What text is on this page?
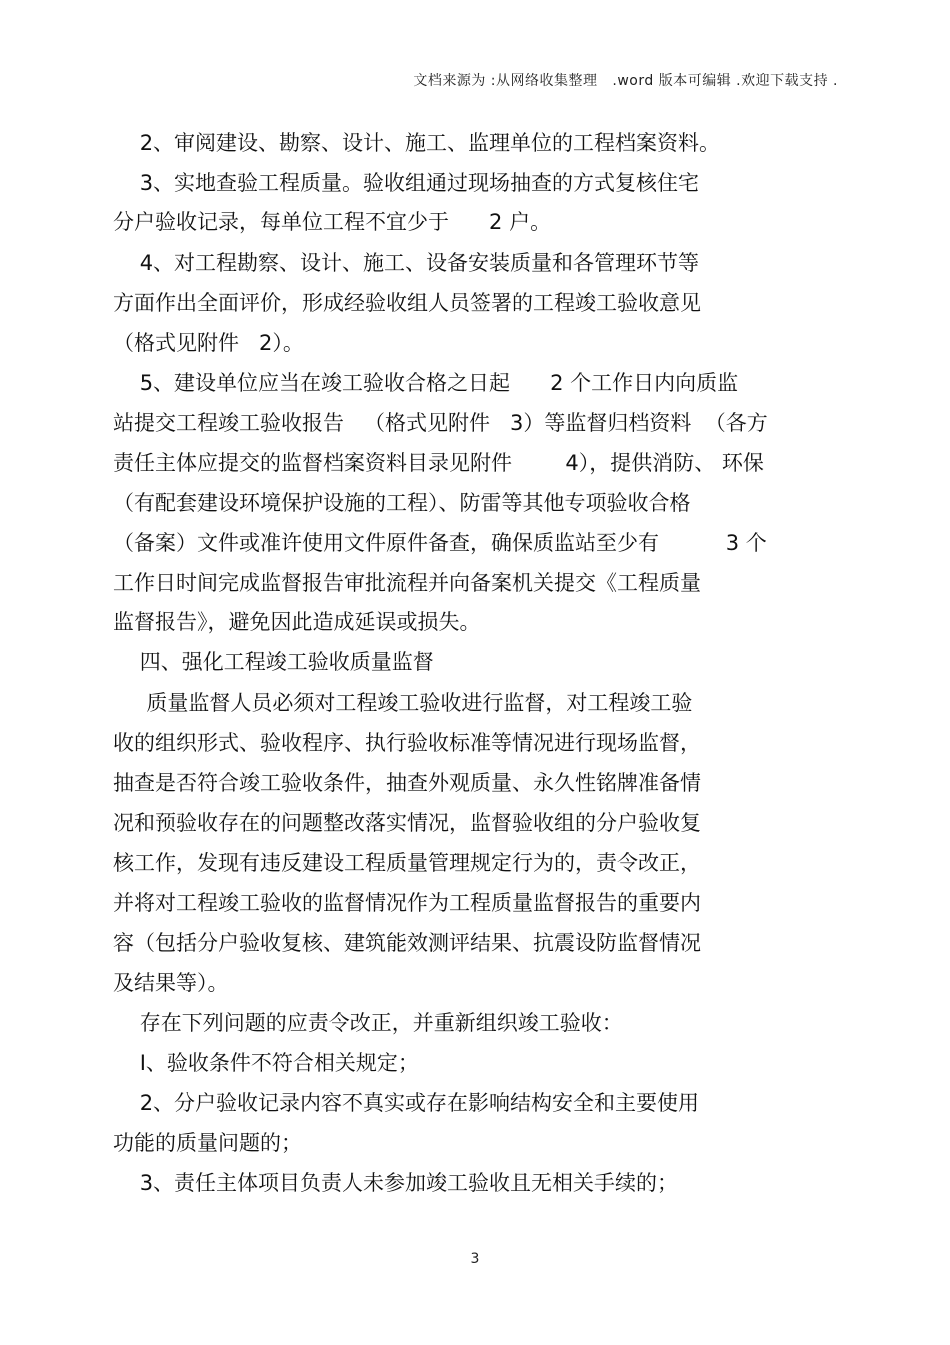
文档来源为 :从网络收集整理   .word 版本可编辑 .欢迎下载支持 .
2、审阅建设、勘察、设计、施工、监理单位的工程档案资料。
3、实地查验工程质量。验收组通过现场抽查的方式复核住宅
分户验收记录，每单位工程不宜少于      2 户。
4、对工程勘察、设计、施工、设备安装质量和各管理环节等
方面作出全面评价，形成经验收组人员签署的工程竣工验收意见
（格式见附件   2）。
5、建设单位应当在竣工验收合格之日起      2 个工作日内向质监
站提交工程竣工验收报告   （格式见附件   3）等监督归档资料  （各方
责任主体应提交的监督档案资料目录见附件        4），提供消防、 环保
（有配套建设环境保护设施的工程）、防雷等其他专项验收合格
（备案）文件或准许使用文件原件备查，确保质监站至少有          3 个
工作日时间完成监督报告审批流程并向备案机关提交《工程质量
监督报告》，避免因此造成延误或损失。
四、强化工程竣工验收质量监督
质量监督人员必须对工程竣工验收进行监督，对工程竣工验
收的组织形式、验收程序、执行验收标准等情况进行现场监督，
抽查是否符合竣工验收条件，抽查外观质量、永久性铭牌准备情
况和预验收存在的问题整改落实情况，监督验收组的分户验收复
核工作，发现有违反建设工程质量管理规定行为的，责令改正，
并将对工程竣工验收的监督情况作为工程质量监督报告的重要内
容（包括分户验收复核、建筑能效测评结果、抗震设防监督情况
及结果等）。
存在下列问题的应责令改正，并重新组织竣工验收：
I、验收条件不符合相关规定；
2、分户验收记录内容不真实或存在影响结构安全和主要使用
功能的质量问题的；
3、责任主体项目负责人未参加竣工验收且无相关手续的；
3
